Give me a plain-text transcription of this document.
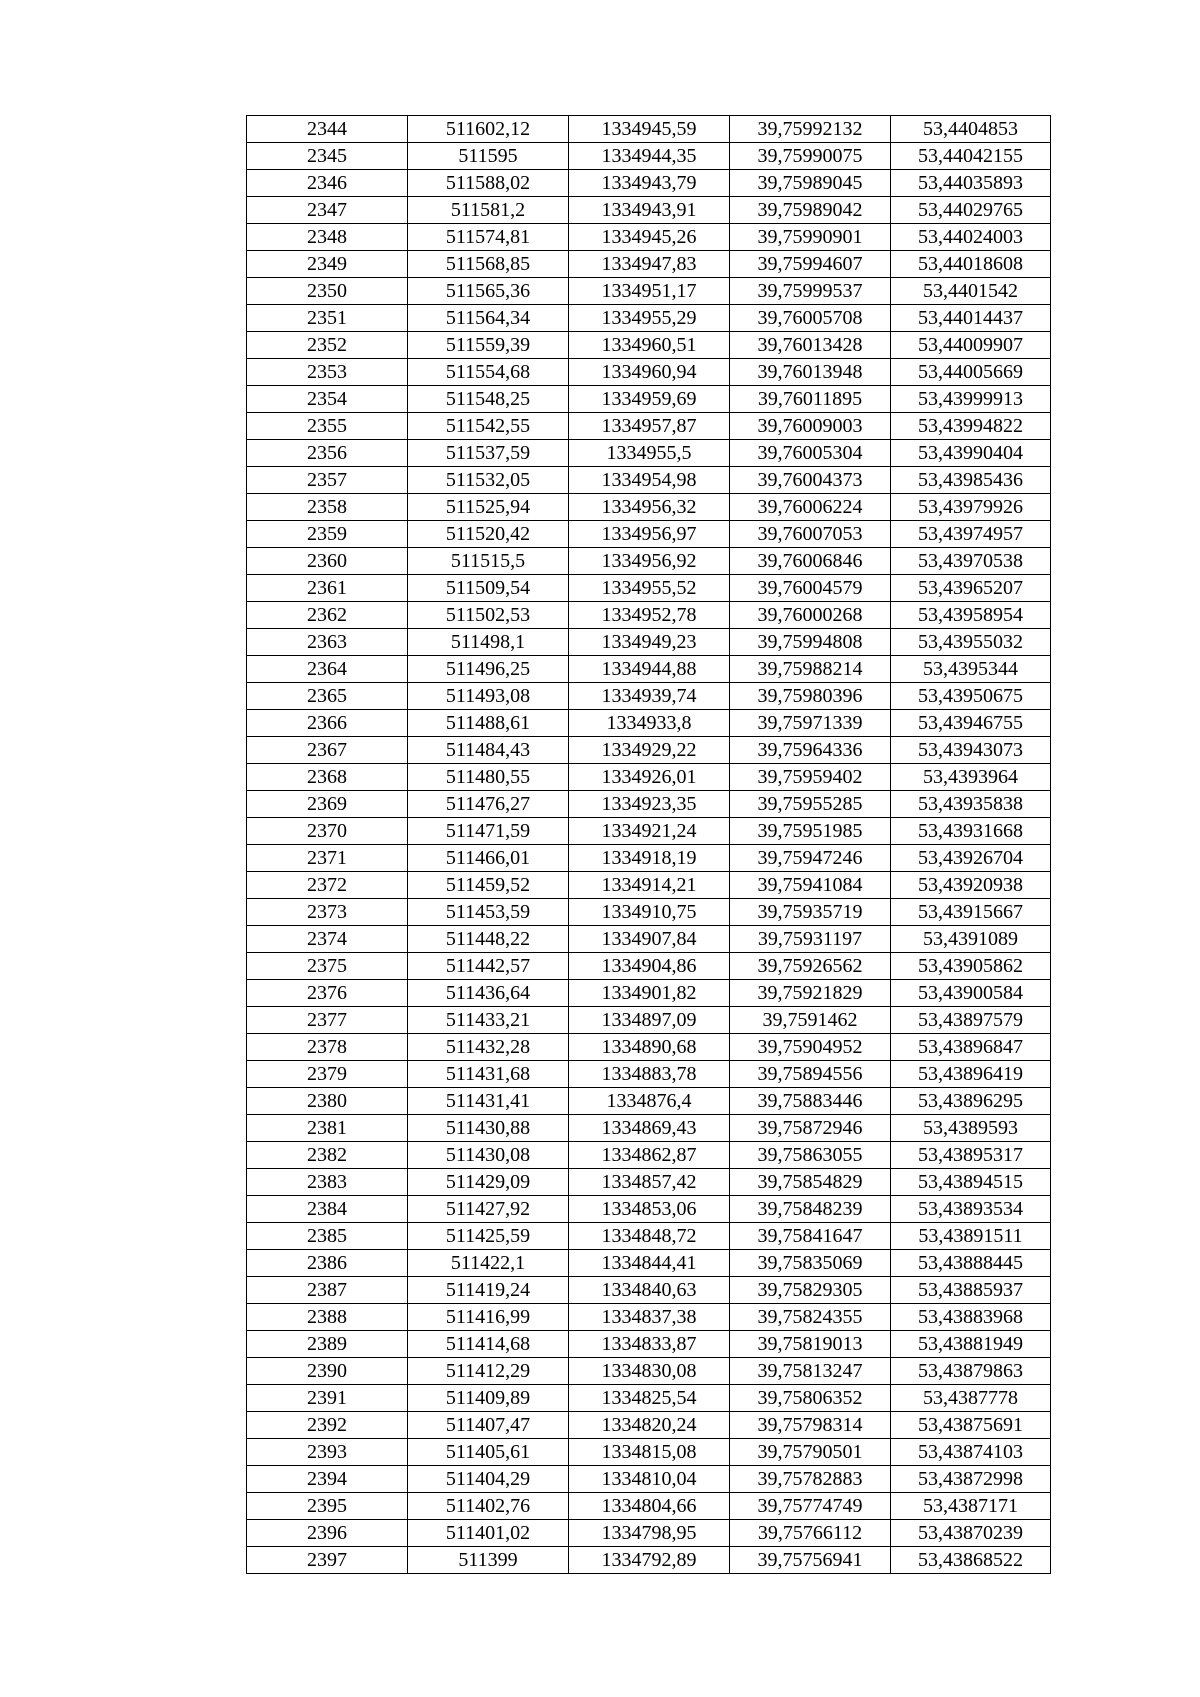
2344	511602,12	1334945,59	39,75992132	53,4404853
2345	511595	1334944,35	39,75990075	53,44042155
2346	511588,02	1334943,79	39,75989045	53,44035893
2347	511581,2	1334943,91	39,75989042	53,44029765
2348	511574,81	1334945,26	39,75990901	53,44024003
2349	511568,85	1334947,83	39,75994607	53,44018608
2350	511565,36	1334951,17	39,75999537	53,4401542
2351	511564,34	1334955,29	39,76005708	53,44014437
2352	511559,39	1334960,51	39,76013428	53,44009907
2353	511554,68	1334960,94	39,76013948	53,44005669
2354	511548,25	1334959,69	39,76011895	53,43999913
2355	511542,55	1334957,87	39,76009003	53,43994822
2356	511537,59	1334955,5	39,76005304	53,43990404
2357	511532,05	1334954,98	39,76004373	53,43985436
2358	511525,94	1334956,32	39,76006224	53,43979926
2359	511520,42	1334956,97	39,76007053	53,43974957
2360	511515,5	1334956,92	39,76006846	53,43970538
2361	511509,54	1334955,52	39,76004579	53,43965207
2362	511502,53	1334952,78	39,76000268	53,43958954
2363	511498,1	1334949,23	39,75994808	53,43955032
2364	511496,25	1334944,88	39,75988214	53,4395344
2365	511493,08	1334939,74	39,75980396	53,43950675
2366	511488,61	1334933,8	39,75971339	53,43946755
2367	511484,43	1334929,22	39,75964336	53,43943073
2368	511480,55	1334926,01	39,75959402	53,4393964
2369	511476,27	1334923,35	39,75955285	53,43935838
2370	511471,59	1334921,24	39,75951985	53,43931668
2371	511466,01	1334918,19	39,75947246	53,43926704
2372	511459,52	1334914,21	39,75941084	53,43920938
2373	511453,59	1334910,75	39,75935719	53,43915667
2374	511448,22	1334907,84	39,75931197	53,4391089
2375	511442,57	1334904,86	39,75926562	53,43905862
2376	511436,64	1334901,82	39,75921829	53,43900584
2377	511433,21	1334897,09	39,7591462	53,43897579
2378	511432,28	1334890,68	39,75904952	53,43896847
2379	511431,68	1334883,78	39,75894556	53,43896419
2380	511431,41	1334876,4	39,75883446	53,43896295
2381	511430,88	1334869,43	39,75872946	53,4389593
2382	511430,08	1334862,87	39,75863055	53,43895317
2383	511429,09	1334857,42	39,75854829	53,43894515
2384	511427,92	1334853,06	39,75848239	53,43893534
2385	511425,59	1334848,72	39,75841647	53,43891511
2386	511422,1	1334844,41	39,75835069	53,43888445
2387	511419,24	1334840,63	39,75829305	53,43885937
2388	511416,99	1334837,38	39,75824355	53,43883968
2389	511414,68	1334833,87	39,75819013	53,43881949
2390	511412,29	1334830,08	39,75813247	53,43879863
2391	511409,89	1334825,54	39,75806352	53,4387778
2392	511407,47	1334820,24	39,75798314	53,43875691
2393	511405,61	1334815,08	39,75790501	53,43874103
2394	511404,29	1334810,04	39,75782883	53,43872998
2395	511402,76	1334804,66	39,75774749	53,4387171
2396	511401,02	1334798,95	39,75766112	53,43870239
2397	511399	1334792,89	39,75756941	53,43868522
